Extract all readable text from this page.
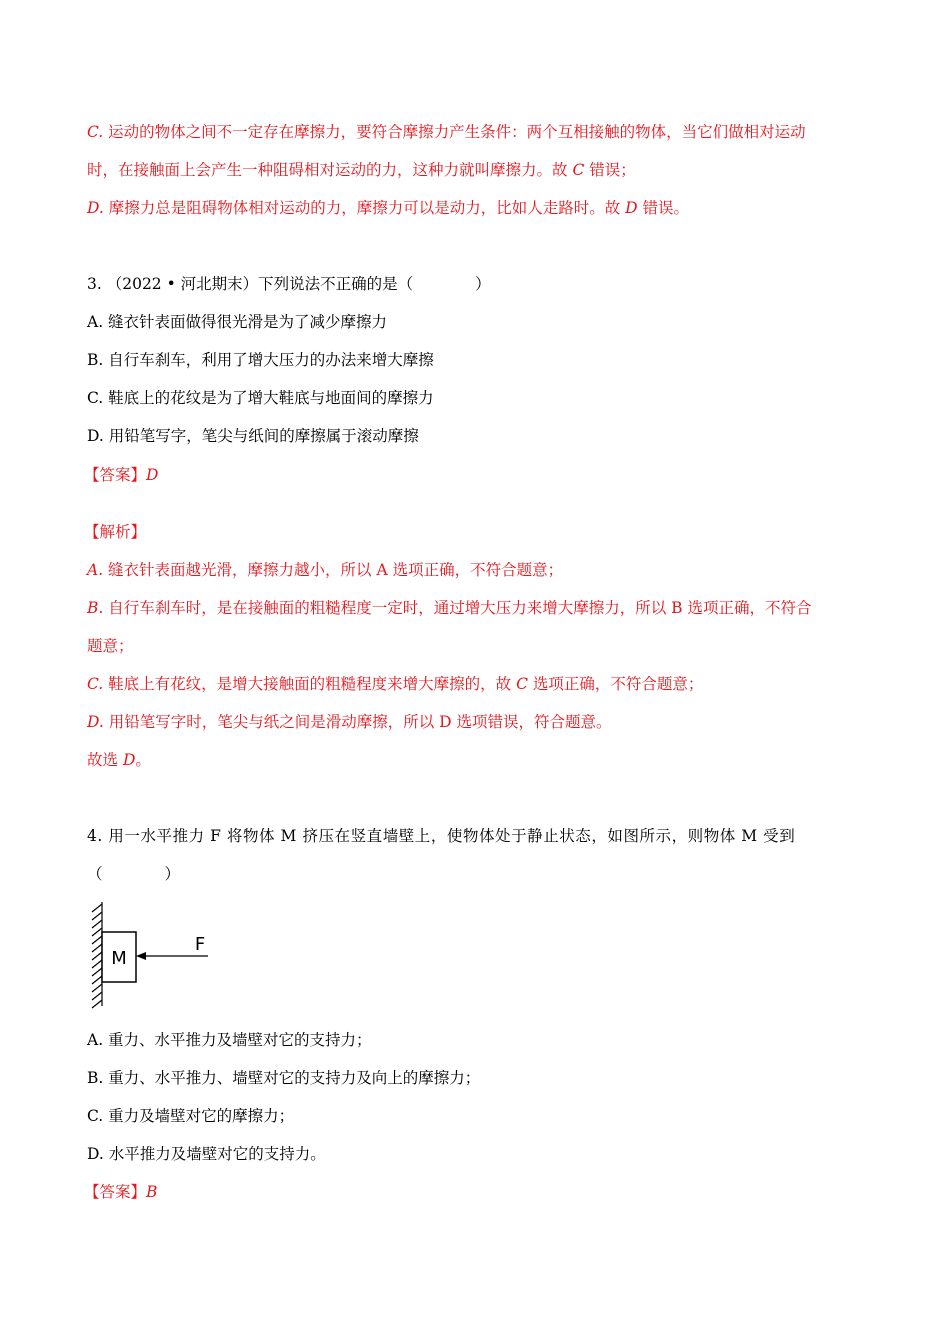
C. 运动的物体之间不一定存在摩擦力，要符合摩擦力产生条件：两个互相接触的物体，当它们做相对运动
时，在接触面上会产生一种阻碍相对运动的力，这种力就叫摩擦力。故 C 错误；
D. 摩擦力总是阻碍物体相对运动的力，摩擦力可以是动力，比如人走路时。故 D 错误。
3. （2022 • 河北期末）下列说法不正确的是（　　　　）
A. 缝衣针表面做得很光滑是为了减少摩擦力
B. 自行车刹车，利用了增大压力的办法来增大摩擦
C. 鞋底上的花纹是为了增大鞋底与地面间的摩擦力
D. 用铅笔写字，笔尖与纸间的摩擦属于滚动摩擦
【答案】D
【解析】
A. 缝衣针表面越光滑，摩擦力越小，所以 A 选项正确，不符合题意；
B. 自行车刹车时，是在接触面的粗糙程度一定时，通过增大压力来增大摩擦力，所以 B 选项正确，不符合
题意；
C. 鞋底上有花纹，是增大接触面的粗糙程度来增大摩擦的，故 C 选项正确，不符合题意；
D. 用铅笔写字时，笔尖与纸之间是滑动摩擦，所以 D 选项错误，符合题意。
故选 D。
4. 用一水平推力 F 将物体 M 挤压在竖直墙壁上，使物体处于静止状态，如图所示，则物体 M 受到
（　　　　）
M
F
A. 重力、水平推力及墙壁对它的支持力；
B. 重力、水平推力、墙壁对它的支持力及向上的摩擦力；
C. 重力及墙壁对它的摩擦力；
D. 水平推力及墙壁对它的支持力。
【答案】B
